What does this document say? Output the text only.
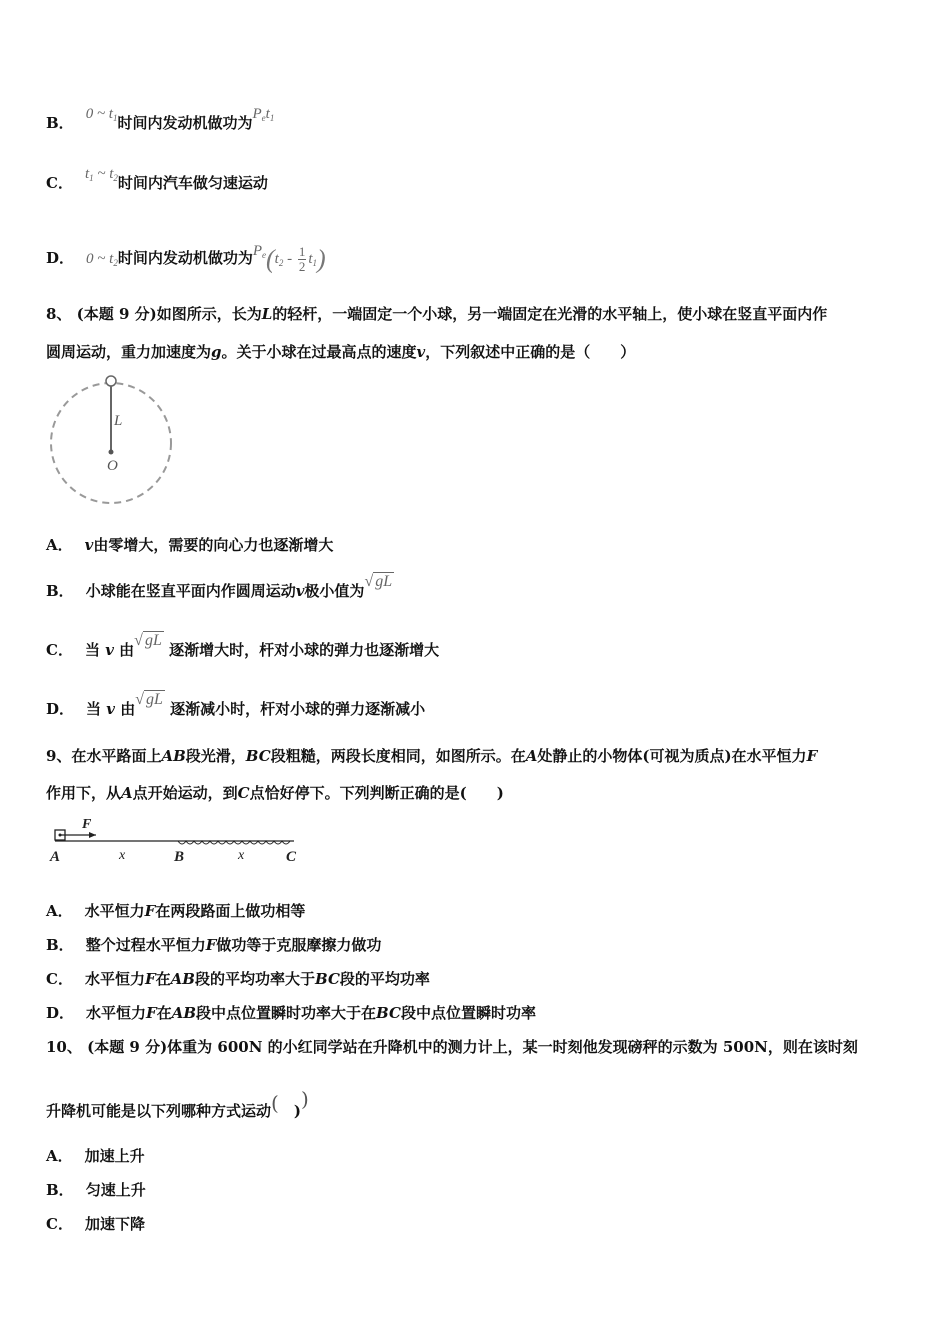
B． 0 ~ $t_1$时间内发动机做功为$P_et_1$
C． $t_1$ ~ $t_2$时间内汽车做匀速运动
D． 0 ~ $t_2$时间内发动机做功为$P_e(t_2 - \frac{1}{2} t_1)$
8、 (本题 9 分)如图所示，长为L的轻杆，一端固定一个小球，另一端固定在光滑的水平轴上，使小球在竖直平面内作
圆周运动，重力加速度为g。关于小球在过最高点的速度v，下列叙述中正确的是（　　）
L
O
A． v由零增大，需要的向心力也逐渐增大
B． 小球能在竖直平面内作圆周运动v极小值为√ gL
C． 当 v 由√ gL 逐渐增大时，杆对小球的弹力也逐渐增大
D． 当 v 由√ gL 逐渐减小时，杆对小球的弹力逐渐减小
9、在水平路面上AB段光滑，BC段粗糙，两段长度相同，如图所示。在A处静止的小物体(可视为质点)在水平恒力F
作用下，从A点开始运动，到C点恰好停下。下列判断正确的是(　　)
F
A	x	B	x	C
A． 水平恒力F在两段路面上做功相等
B． 整个过程水平恒力F做功等于克服摩擦力做功
C． 水平恒力F在AB段的平均功率大于BC段的平均功率
D． 水平恒力F在AB段中点位置瞬时功率大于在BC段中点位置瞬时功率
10、 (本题 9 分)体重为 600N 的小红同学站在升降机中的测力计上，某一时刻他发现磅秤的示数为 500N，则在该时刻
升降机可能是以下列哪种方式运动(　))
A． 加速上升
B． 匀速上升
C． 加速下降
